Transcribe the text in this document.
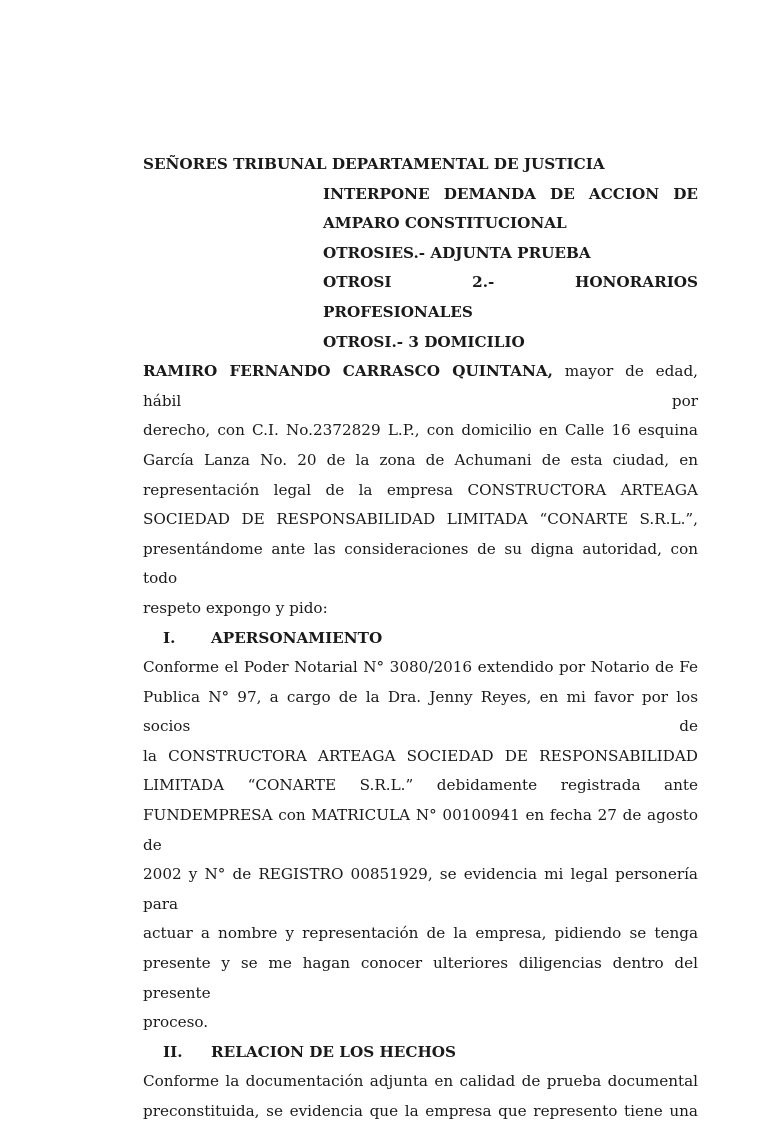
SEÑORES TRIBUNAL DEPARTAMENTAL DE JUSTICIA
INTERPONE DEMANDA DE ACCION DE
AMPARO CONSTITUCIONAL
OTROSIES.- ADJUNTA PRUEBA
OTROSI 2.- HONORARIOS PROFESIONALES
OTROSI.- 3 DOMICILIO
RAMIRO FERNANDO CARRASCO QUINTANA, mayor de edad, hábil por
derecho, con C.I. No.2372829 L.P., con domicilio en Calle 16 esquina
García Lanza No. 20 de la zona de Achumani de esta ciudad, en
representación legal de la empresa CONSTRUCTORA ARTEAGA
SOCIEDAD DE RESPONSABILIDAD LIMITADA “CONARTE S.R.L.”,
presentándome ante las consideraciones de su digna autoridad, con todo
respeto expongo y pido:
I.	APERSONAMIENTO
Conforme el Poder Notarial N° 3080/2016 extendido por Notario de Fe
Publica N° 97, a cargo de la Dra. Jenny Reyes, en mi favor por los socios de
la CONSTRUCTORA ARTEAGA SOCIEDAD DE RESPONSABILIDAD
LIMITADA “CONARTE S.R.L.” debidamente registrada ante
FUNDEMPRESA con MATRICULA N° 00100941 en fecha 27 de agosto de
2002 y N° de REGISTRO 00851929, se evidencia mi legal personería para
actuar a nombre y representación de la empresa, pidiendo se tenga
presente y se me hagan conocer ulteriores diligencias dentro del presente
proceso.
II.	RELACION DE LOS HECHOS
Conforme la documentación adjunta en calidad de prueba documental
preconstituida, se evidencia que la empresa que represento tiene una
